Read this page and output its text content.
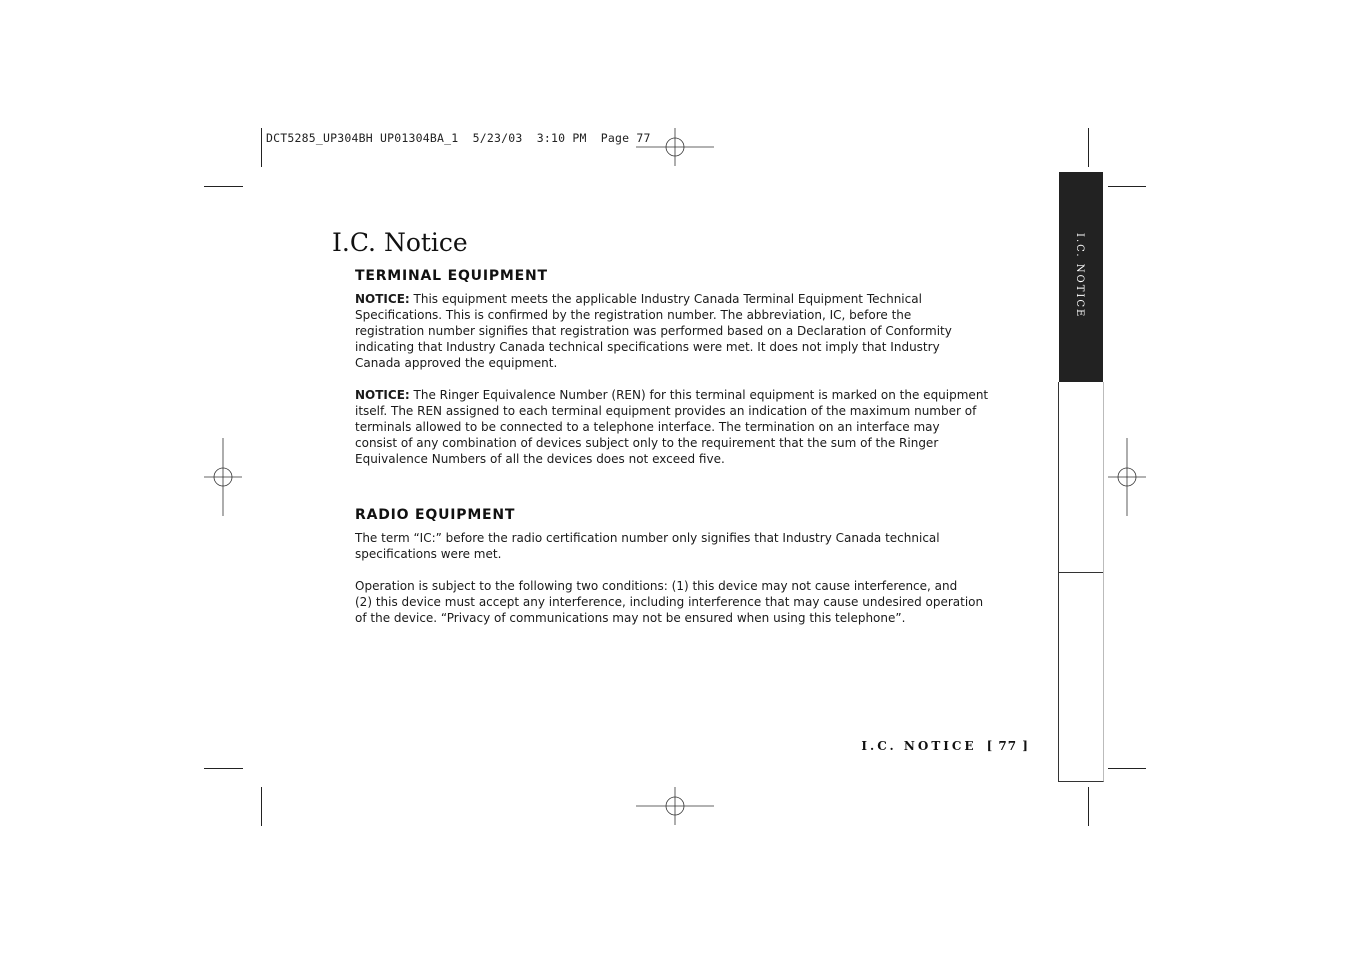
DCT5285_UP304BH UP01304BA_1  5/23/03  3:10 PM  Page 77
I.C. Notice
TERMINAL EQUIPMENT
NOTICE: This equipment meets the applicable Industry Canada Terminal Equipment Technical
Specifications. This is confirmed by the registration number. The abbreviation, IC, before the
registration number signifies that registration was performed based on a Declaration of Conformity
indicating that Industry Canada technical specifications were met. It does not imply that Industry
Canada approved the equipment.
NOTICE: The Ringer Equivalence Number (REN) for this terminal equipment is marked on the equipment
itself. The REN assigned to each terminal equipment provides an indication of the maximum number of
terminals allowed to be connected to a telephone interface. The termination on an interface may
consist of any combination of devices subject only to the requirement that the sum of the Ringer
Equivalence Numbers of all the devices does not exceed five.
RADIO EQUIPMENT
The term “IC:” before the radio certification number only signifies that Industry Canada technical
specifications were met.
Operation is subject to the following two conditions: (1) this device may not cause interference, and
(2) this device must accept any interference, including interference that may cause undesired operation
of the device. “Privacy of communications may not be ensured when using this telephone”.
I.C. NOTICE [ 77 ]
I.C. NOTICE
